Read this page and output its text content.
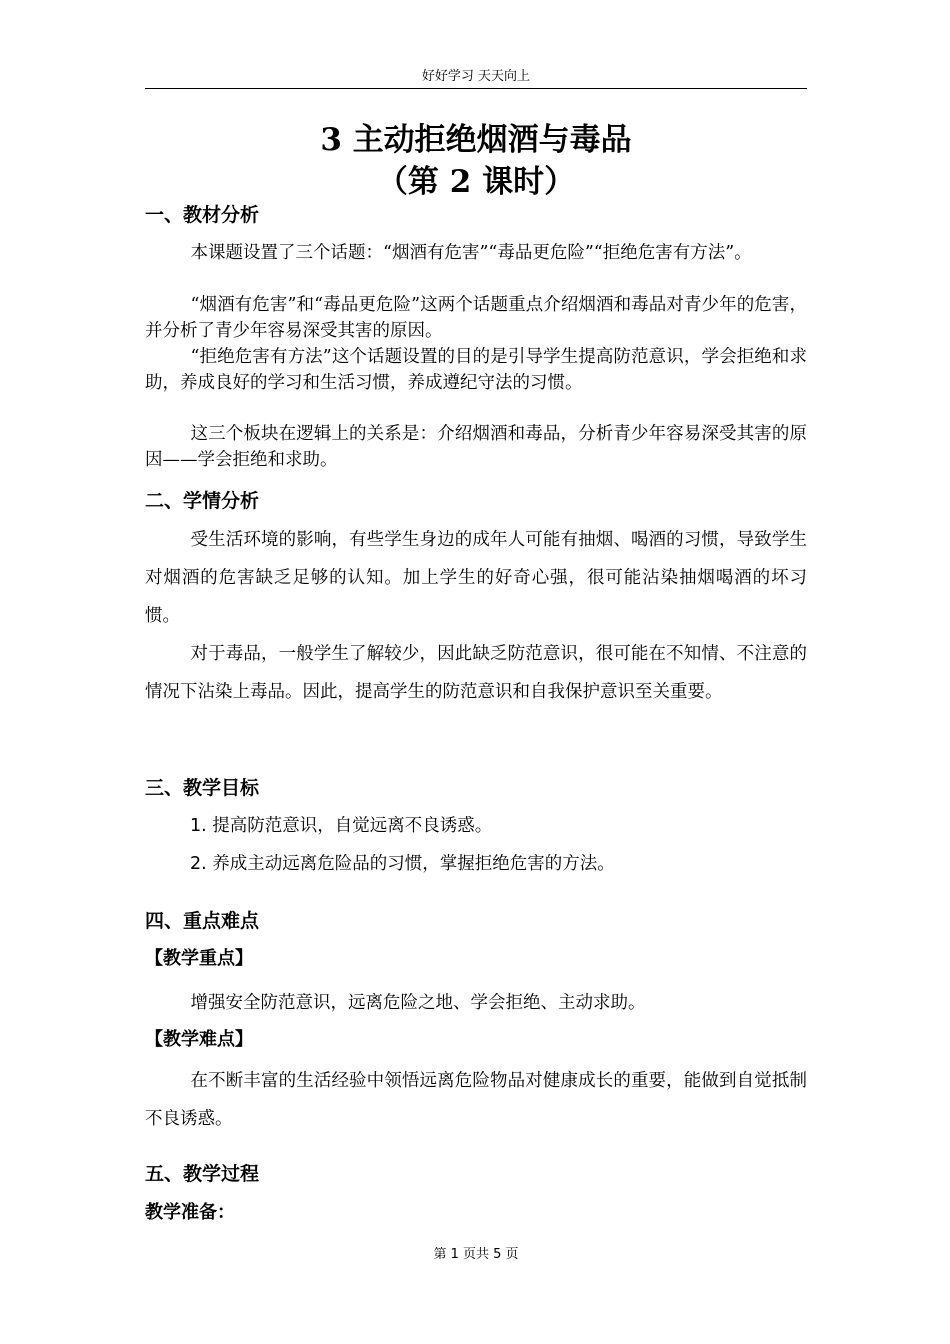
好好学习 天天向上
3 主动拒绝烟酒与毒品
（第 2 课时）
一、教材分析

本课题设置了三个话题：“烟酒有危害”“毒品更危险”“拒绝危害有方法”。

“烟酒有危害”和“毒品更危险”这两个话题重点介绍烟酒和毒品对青少年的危害，并分析了青少年容易深受其害的原因。

“拒绝危害有方法”这个话题设置的目的是引导学生提高防范意识，学会拒绝和求助，养成良好的学习和生活习惯，养成遵纪守法的习惯。

这三个板块在逻辑上的关系是：介绍烟酒和毒品，分析青少年容易深受其害的原因——学会拒绝和求助。

二、学情分析

受生活环境的影响，有些学生身边的成年人可能有抽烟、喝酒的习惯，导致学生对烟酒的危害缺乏足够的认知。加上学生的好奇心强，很可能沾染抽烟喝酒的坏习惯。

对于毒品，一般学生了解较少，因此缺乏防范意识，很可能在不知情、不注意的情况下沾染上毒品。因此，提高学生的防范意识和自我保护意识至关重要。

三、教学目标
1. 提高防范意识，自觉远离不良诱惑。
2. 养成主动远离危险品的习惯，掌握拒绝危害的方法。
四、重点难点
【教学重点】

增强安全防范意识，远离危险之地、学会拒绝、主动求助。

【教学难点】

在不断丰富的生活经验中领悟远离危险物品对健康成长的重要，能做到自觉抵制不良诱惑。

五、教学过程
教学准备：
第 1 页共 5 页
